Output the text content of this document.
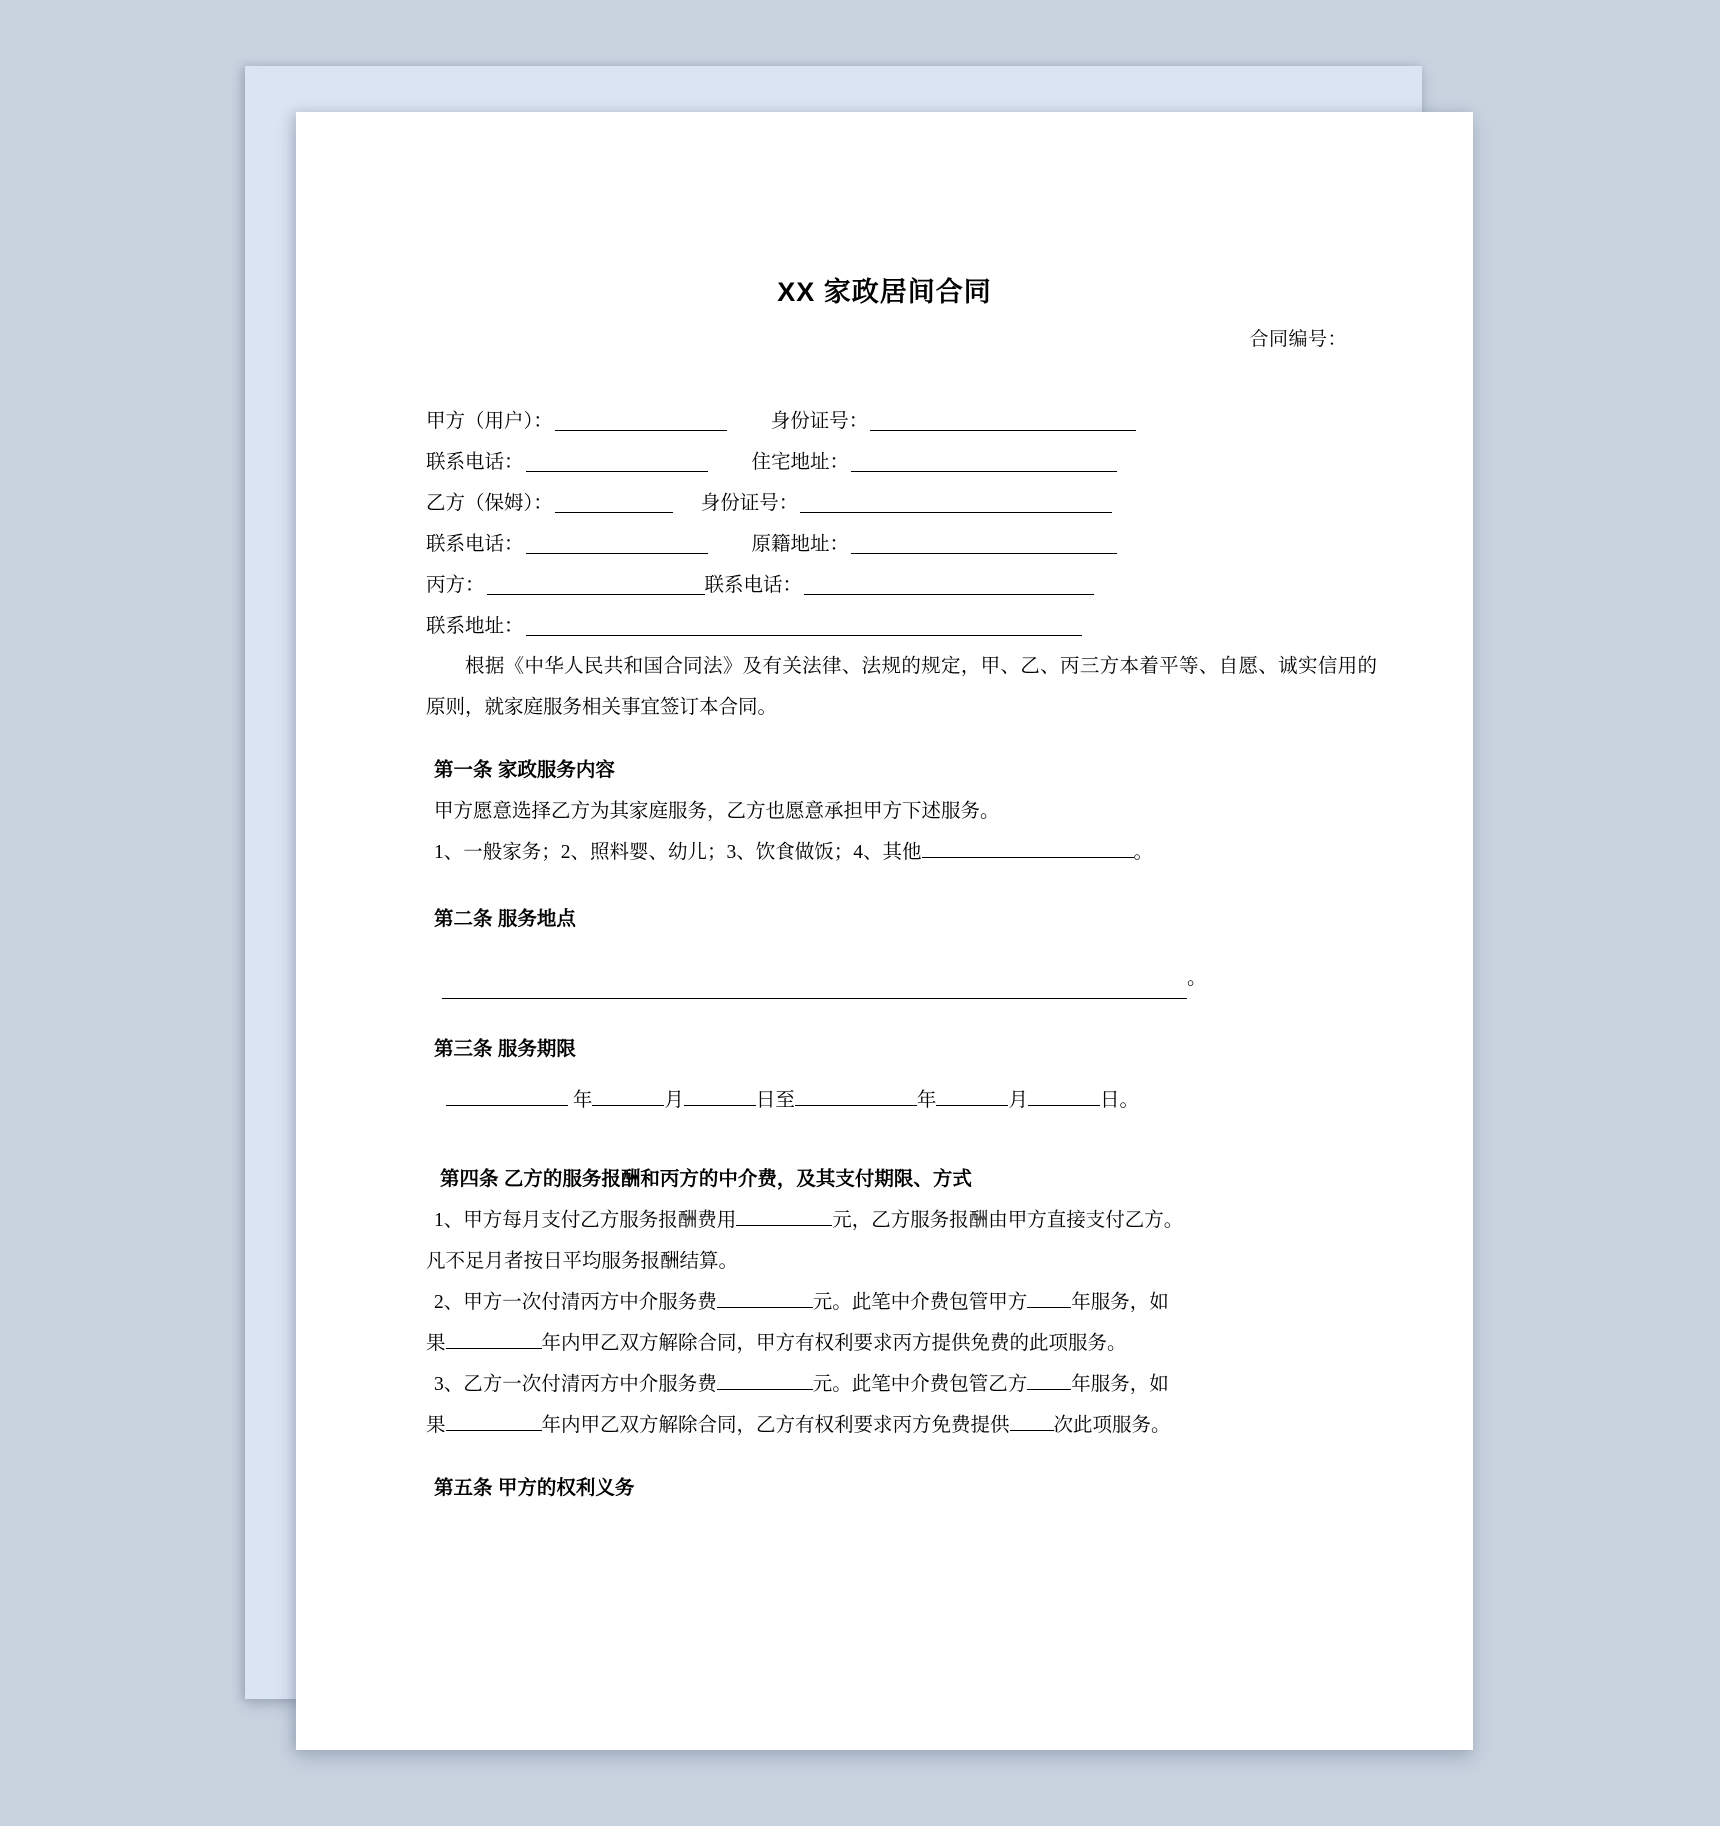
XX 家政居间合同
合同编号：
甲方（用户）：	身份证号：
联系电话：	住宅地址：
乙方（保姆）：	身份证号：
联系电话：	原籍地址：
丙方：	联系电话：
联系地址：

根据《中华人民共和国合同法》及有关法律、法规的规定，甲、乙、丙三方本着平等、自愿、诚实信用的原则，就家庭服务相关事宜签订本合同。

第一条 家政服务内容

甲方愿意选择乙方为其家庭服务，乙方也愿意承担甲方下述服务。

1、一般家务；2、照料婴、幼儿；3、饮食做饭；4、其他	。

第二条 服务地点
。
第三条 服务期限
年	月	日至	年	月	日。
第四条 乙方的服务报酬和丙方的中介费，及其支付期限、方式

1、甲方每月支付乙方服务报酬费用	元，乙方服务报酬由甲方直接支付乙方。

凡不足月者按日平均服务报酬结算。

2、甲方一次付清丙方中介服务费	元。此笔中介费包管甲方 年服务，如

果	年内甲乙双方解除合同，甲方有权利要求丙方提供免费的此项服务。

3、乙方一次付清丙方中介服务费	元。此笔中介费包管乙方 年服务，如

果	年内甲乙双方解除合同，乙方有权利要求丙方免费提供 次此项服务。

第五条 甲方的权利义务
